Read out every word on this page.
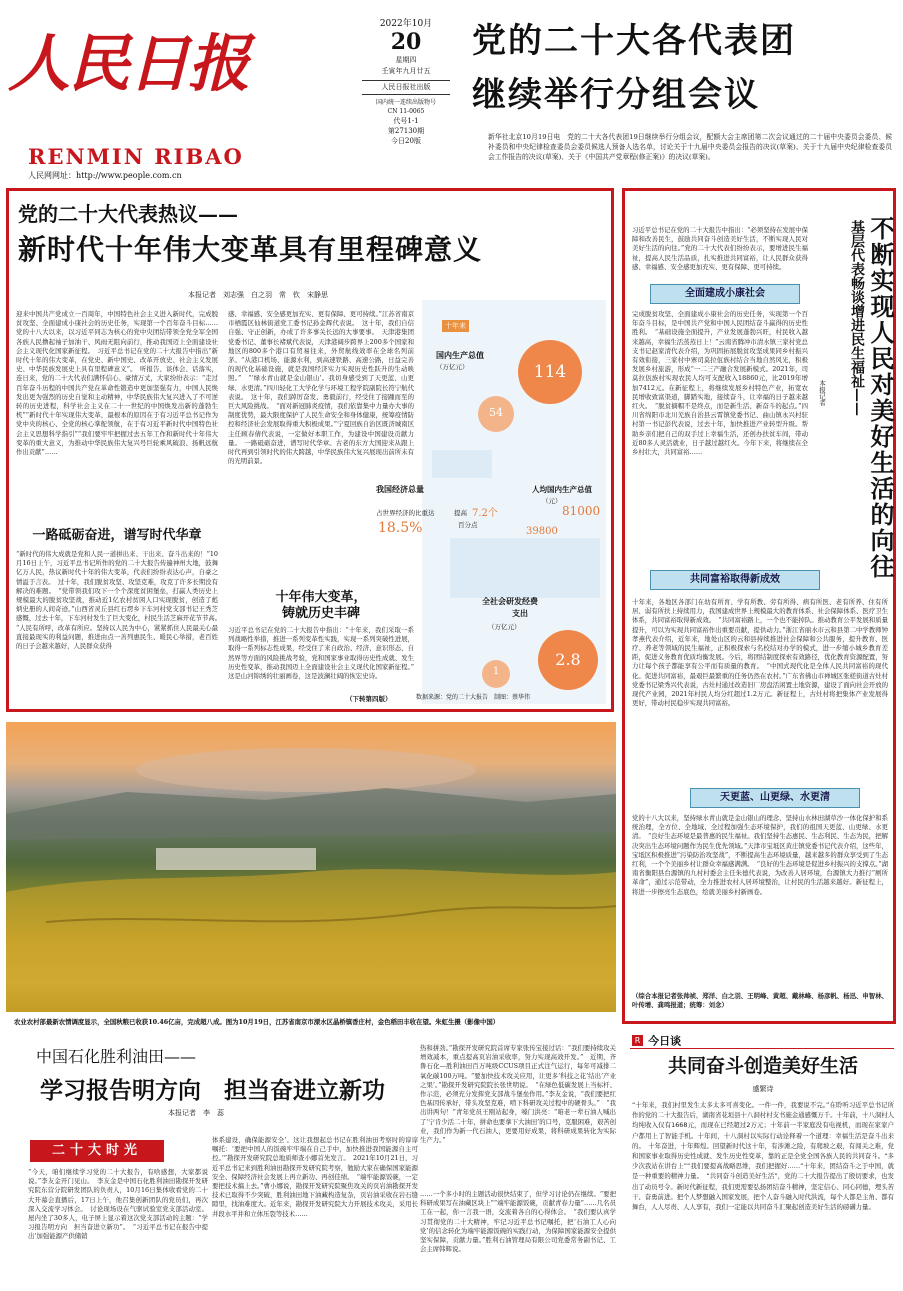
人民日报
RENMIN RIBAO
人民网网址：http://www.people.com.cn
2022年10月
20
星期四
壬寅年九月廿五
人民日报社出版
国内统一连续出版物号
CN 11-0065
代号1-1
第27130期
今日20版
党的二十大各代表团
继续举行分组会议
新华社北京10月19日电　党的二十大各代表团19日继续举行分组会议，配额大会主席团第二次会议通过的二十届中央委员会委员、候补委员和中央纪律检查委员会委员候选人预备人选名单，讨论关于十九届中央委员会报告的决议(草案)、关于十九届中央纪律检查委员会工作报告的决议(草案)、关于《中国共产党章程(修正案)》的决议(草案)。
党的二十大代表热议——
新时代十年伟大变革具有里程碑意义
本报记者　刘志强　白之羽　常　钦　宋静思
迎来中国共产党成立一百周年，中国特色社会主义进入新时代，完成脱贫攻坚、全面建成小康社会的历史任务，实现第一个百年奋斗目标……党的十八大以来，以习近平同志为核心的党中央团结带领全党全军全国各族人民撸起袖子加油干、风雨无阻向前行，推动我国迈上全面建设社会主义现代化国家新征程。　习近平总书记在党的二十大报告中指出“新时代十年的伟大变革，在党史、新中国史、改革开放史、社会主义发展史、中华民族发展史上具有里程碑意义”。　听报告、谈体会、话落实，连日来，党的二十大代表们满怀信心、豪情万丈，大家纷纷表示：“走过百年奋斗历程的中国共产党在革命性锻造中更加坚强有力，中国人民焕发出更为强烈的历史自觉和主动精神，中华民族伟大复兴进入了不可逆转的历史进程，科学社会主义在二十一世纪的中国焕发出新的蓬勃生机”“新时代十年实现伟大变革，最根本的原因在于有习近平总书记作为党中央的核心、全党的核心掌舵领航，在于有习近平新时代中国特色社会主义思想科学指引”“我们要牢牢把握过去五年工作和新时代十年伟大变革的重大意义，为推动中华民族伟大复兴号巨轮乘风破浪、扬帆远航作出贡献”……
一路砥砺奋进，谱写时代华章
“新时代的伟大成就是党和人民一道拼出来、干出来、奋斗出来的！”10月16日上午，习近平总书记所作的党的二十大报告传遍神州大地，鼓舞亿万人民，热议新时代十年的伟大变革，代表们纷纷表达心声，自豪之情溢于言表。　过十年，我们脱贫攻坚、攻坚克难，攻克了许多长期没有解决的难题。　“党带领我们攻下一个个深度贫困堡垒，打赢人类历史上规模最大的脱贫攻坚战，推动近1亿农村贫困人口实现脱贫，创造了彪炳史册的人间奇迹。”山西省灵丘县红石塄乡下车河村党支部书记王秀芝感慨，过去十年，下车河村发生了巨大变化，村民生活芝麻开花节节高。　“人民有所呼，改革有所应。坚持以人民为中心，紧紧抓住人民最关心最直接最现实的利益问题，推进由点一善列惠民生、暖民心举措，老百姓的日子会越来越好，人民群众获得
感、幸福感、安全感更加充实、更有保障、更可持续。”江苏省南京市栖霞区仙林街道党工委书记孙金辉代表说。　这十年，我们自信自强、守正创新，办成了许多事关长远的大事要事。　天津港集团党委书记、董事长褚斌代表说，天津港阔步跨界上200多个国家和地区的800多个港口有贸易往来，外贸航线效率在全球名列前茅。“从港口机场、能源水利，到高速铁路、高速公路，日益完善的现代化基础设施，就是我国经济实力实现历史性跃升的生动映照。”　“‘绿水青山就是金山银山’。我切身感受到了天更蓝、山更绿、水更清。”四川轻化工大学化学与环境工程学院副院长符宁航代表说。　这十年，我们踔厉奋发、勇毅前行，经受住了接踵而至的巨大风险挑战。　“面对新冠肺炎疫情，我们依靠集中力量办大事的制度优势，最大限度保护了人民生命安全和身体健康，统筹疫情防控和经济社会发展取得重大积极成果。”宁夏回族自治区既济城南区主任顾春倩代表说，一定做好本职工作，为建设中国建设贡献力量。　一路砥砺奋进，谱写时代华章。古老的东方大国迎来从跟上时代再到引领时代的伟大跨越，中华民族伟大复兴展现出前所未有的光明前景。
十年伟大变革，
铸就历史丰碑
习近平总书记在党的二十大报告中指出：“十年来，我们采取一系列战略性举措，推进一系列变革性实践，实现一系列突破性进展，取得一系列标志性成果，经受住了来自政治、经济、意识形态、自然界等方面的风险挑战考验，党和国家事业取得历史性成就、发生历史性变革，推动我国迈上全面建设社会主义现代化国家新征程。”　这是山河锦绣的壮丽画卷，这是波澜壮阔的恢宏史诗。
（下转第四版）
十年来
国内生产总值
（万亿元）
54
114
我国经济总量
占世界经济的比重达
18.5%
提高 7.2个
百分点
人均国内生产总值
（元）
39800
81000
全社会研发经费
支出
（万亿元）
1
2.8
数据来源：党的二十大报告　制图：蔡华伟
基层代表畅谈增进民生福祉—— 不断实现人民对美好生活的向往
本报记者
习近平总书记在党的二十大报告中指出：“必须坚持在发展中保障和改善民生，鼓励共同奋斗创造美好生活，不断实现人民对美好生活的向往。”党的二十大代表们纷纷表示，要增进民生福祉，提高人民生活品质，扎实推进共同富裕，让人民群众获得感、幸福感、安全感更加充实、更有保障、更可持续。
全面建成小康社会
完成脱贫攻坚、全面建成小康社会的历史任务，实现第一个百年奋斗目标，是中国共产党和中国人民团结奋斗赢得的历史性胜利。　“基础设施全面提升，产业发展蓬勃兴旺，村民收入越来越高，幸福生活蒸蒸日上！”云南省腾冲市清水镇三家村党总支书记赵家清代表介绍，为巩固拓展脱贫攻坚成果同乡村振兴有效衔接，三家村中寨司莫拉佤族村结合当地自然风光，积极发展乡村旅游，形成“一二三产融合发展新模式。2021年，司莫拉佤族村实现农民人均可支配收入18860元，比2019年增加7412元。在新征程上，将继续发展乡村特色产业，拓宽农民增收致富渠道，脚踏实地，接续奋斗，让幸福的日子越来越红火。　“脱贫摘帽不是终点，而是新生活、新奋斗的起点。”四川省绵阳市北川羌族自治县云霄镇党委书记、曲山镇永兴村驻村第一书记彭代表说，过去十年，加快推进产业转型升级。帮助乡亲们把自己的双手过上幸福生活，还创办扶贫车间，带动近80多人灵活就业，日子越过越红火。今年下来，将继续在全乡村壮大，共同富裕……
共同富裕取得新成效
十年来，各地区各部门在幼有所育、学有所教、劳有所得、病有所医、老有所养、住有所居、弱有所扶上持续用力，我国建成世界上规模最大的教育体系、社会保障体系、医疗卫生体系，共同富裕取得新成效。　“共同富裕路上，一个也不能掉队。推动教育公平发展和质量提升，可以为实现共同富裕作出重要贡献，提供动力。”浙江省丽水市云和县第二中学教师钟孝燕代表介绍，近年来，地处山区的云和县持续推进社会保障和公共服务，提升教育、医疗、养老等领域的民生福祉，正积极探索与名校结对办学的模式，进一步缩小城乡教育差距，促进义务教育优质均衡发展。今后，将团结制度探索有效路径，优化教育资源配置，努力让每个孩子都能享有公平而有质量的教育。　“中国式现代化是全体人民共同富裕的现代化。促进共同富裕，最艰巨最繁重的任务仍然在农村。”广东省佛山市禅城区张槎街道古灶村党委书记梁秀兴代表说，古灶村通过改造旧厂房盘活闲置土地资源，建设了面向社会开放的现代产业园，2021年村民人均分红超过1.2万元。新征程上，古灶村将把集体产业发展得更好，带动村民稳步实现共同富裕。
天更蓝、山更绿、水更清
党的十八大以来，坚持绿水青山就是金山银山的理念，坚持山水林田湖草沙一体化保护和系统治理，全方位、全地域、全过程加强生态环境保护，我们的祖国天更蓝、山更绿、水更清。　“良好生态环境是最普惠的民生福祉。我们坚持生态惠民、生态利民、生态为民，把解决突出生态环境问题作为民生优先领域。”天津市宝坻区黄庄镇党委书记代表介绍，这些年，宝坻区积极推进“污染防治攻坚战”，不断提高生态环境质量，越来越多的群众享受到了生态红利，一个个美丽乡村让群众幸福感满满。　“良好的生态环境是促进乡村振兴的支撑点。”湖南省衡阳县台源镇的九村村委会主任朱德代表说，为改善人居环境，台源镇大力推行“厕所革命”，通过示范带动，全力推进农村人居环境整治，让村民的生活越来越好。新征程上，将进一步擦亮生态底色，绘就美丽乡村新画卷。
（综合本报记者张帅祯、郑洋、白之羽、王明峰、黄超、戴林峰、杨彦帆、杨迅、申智林、叶传增、龚鸣报道；统筹：刘念）
农业农村部最新农情调度显示，全国秋粮已收获10.46亿亩，完成超八成。图为10月19日，江苏省南京市溧水区晶桥镇香庄村，金色稻田丰收在望。朱虹生摄（影像中国）
中国石化胜利油田——
学习报告明方向　担当奋进立新功
本报记者　李　蕊
二十大时光
“今天，咱们继续学习党的二十大报告，有啥感想，大家都说说。”李友金开门见山。　李友金是中国石化胜利油田勘探开发研究院东营分院研发团队的负责人，10月16日集体收看党的二十大开幕会直播后，17日上午，他召集创新团队的党员们，再次深入交流学习体会。　讨论现场设在气驱试验室党支部活动室。屋内坐了30多人，电子屏上显示着这次党支部活动的主题：“学习报告明方向　担当奋进立新功”。　“习近平总书记在报告中提出‘加强能源产供储销
体系建设，确保能源安全’。这让我想起总书记在胜利油田考察时的谆谆嘱托：‘要把中国人的饭碗牢牢端在自己手中，加快推进我国能源自主可控。’”勘探开发研究院总地质师查小娜首先发言。　2021年10月21日，习近平总书记来到胜利油田勘探开发研究院考察，勉励大家在确保国家能源安全、保障经济社会发展上再立新功、再创佳绩。　“端牢能源饭碗，一定要把技术搞上去。”曹小娜说，勘探开发研究院聚焦攻关的页岩油勘探开发技术已取得不少突破，胜利油田地下油藏构造复杂，页岩油采收在岩石缝隙里，找油难度大。近年来，勘探开发研究院大力开展技术攻关，采用长井段水平井和立体压裂等技术……
热和拼劲。”勘探开发研究院首席专家张传宝接过话：“我们要持续攻关增效减本，重点提高页岩油采收率，努力实现高效开发。”　近期，齐鲁石化—胜利油田百万吨级CCUS项目正式注气运行，每年可减排二氧化碳100万吨。“要加快技术攻关应用，让更多‘科技之花’结出‘产业之果’。”勘探开发研究院院长张世明说。　“在绿色低碳发展上当标杆、作示范，必须充分发挥党支部战斗堡垒作用。”李友金说，“我们要把红色基因传承好，带头攻坚克难，啃下科研攻关过程中的硬骨头。”　“我出讲两句！”青年党员王刚站起身，嗓门洪亮：“咱老一辈石油人喊出了‘宁肯少活二十年，拼命也要拿下大油田’的口号，克服困难，艰苦创业，我们作为新一代石油人，更要用好成果，将科研成果转化为实际生产力。”
……一个多小时的主题活动很快结束了，但学习讨论仍在继续。“要把科研成果写在油藏区块上”“端牢能源饭碗，贡献青春力量”……几名员工在一起，你一言我一语，交流着各自的心得体会。　“我们要认真学习贯彻党的二十大精神，牢记习近平总书记嘱托，把‘石油工人心向党’的信念转化为端牢能源饭碗的实践行动，为保障国家能源安全提供坚实保障，贡献力量。”胜利石油管理局有限公司党委常务副书记、工会主席韩辉说。
R 今日谈
共同奋斗创造美好生活
盛繁诗
“十年来，我们村里发生太多太多可喜变化。一件一件，我要说不完。”在聆听习近平总书记所作的党的二十大报告后，湖南省花垣县十八洞村村支书施金通感慨万千。十年前，十八洞村人均纯收入仅有1668元，而现在已经超过2万元；十年前一半家庭没有电视机，而现在家家户户都用上了智能手机。十年间，十八洞村以实际行动诠释着一个道理：幸福生活是奋斗出来的。　十年奋进，十年辉煌。回望新时代这十年，有涉滩之险，有爬坡之艰，有闯关之难，党和国家事业取得历史性成就、发生历史性变革，靠的正是全党全国各族人民的共同奋斗。“多少次我站在讲台上”“我们要提高战略思维，我们把握好……”十年来，团结奋斗之于中国，就是一种重要的精神力量。　“共同奋斗创造美好生活”，党的二十大报告提出了殷切要求，也发出了动员号令。新时代新征程，我们更需要弘扬团结奋斗精神，坚定信心、同心同德，埋头苦干、奋勇前进。把个人梦想融入国家发展，把个人奋斗融入时代洪流，每个人都是主角、都有舞台，人人尽责、人人享有，我们一定能以共同奋斗汇聚起创造美好生活的磅礴力量。
